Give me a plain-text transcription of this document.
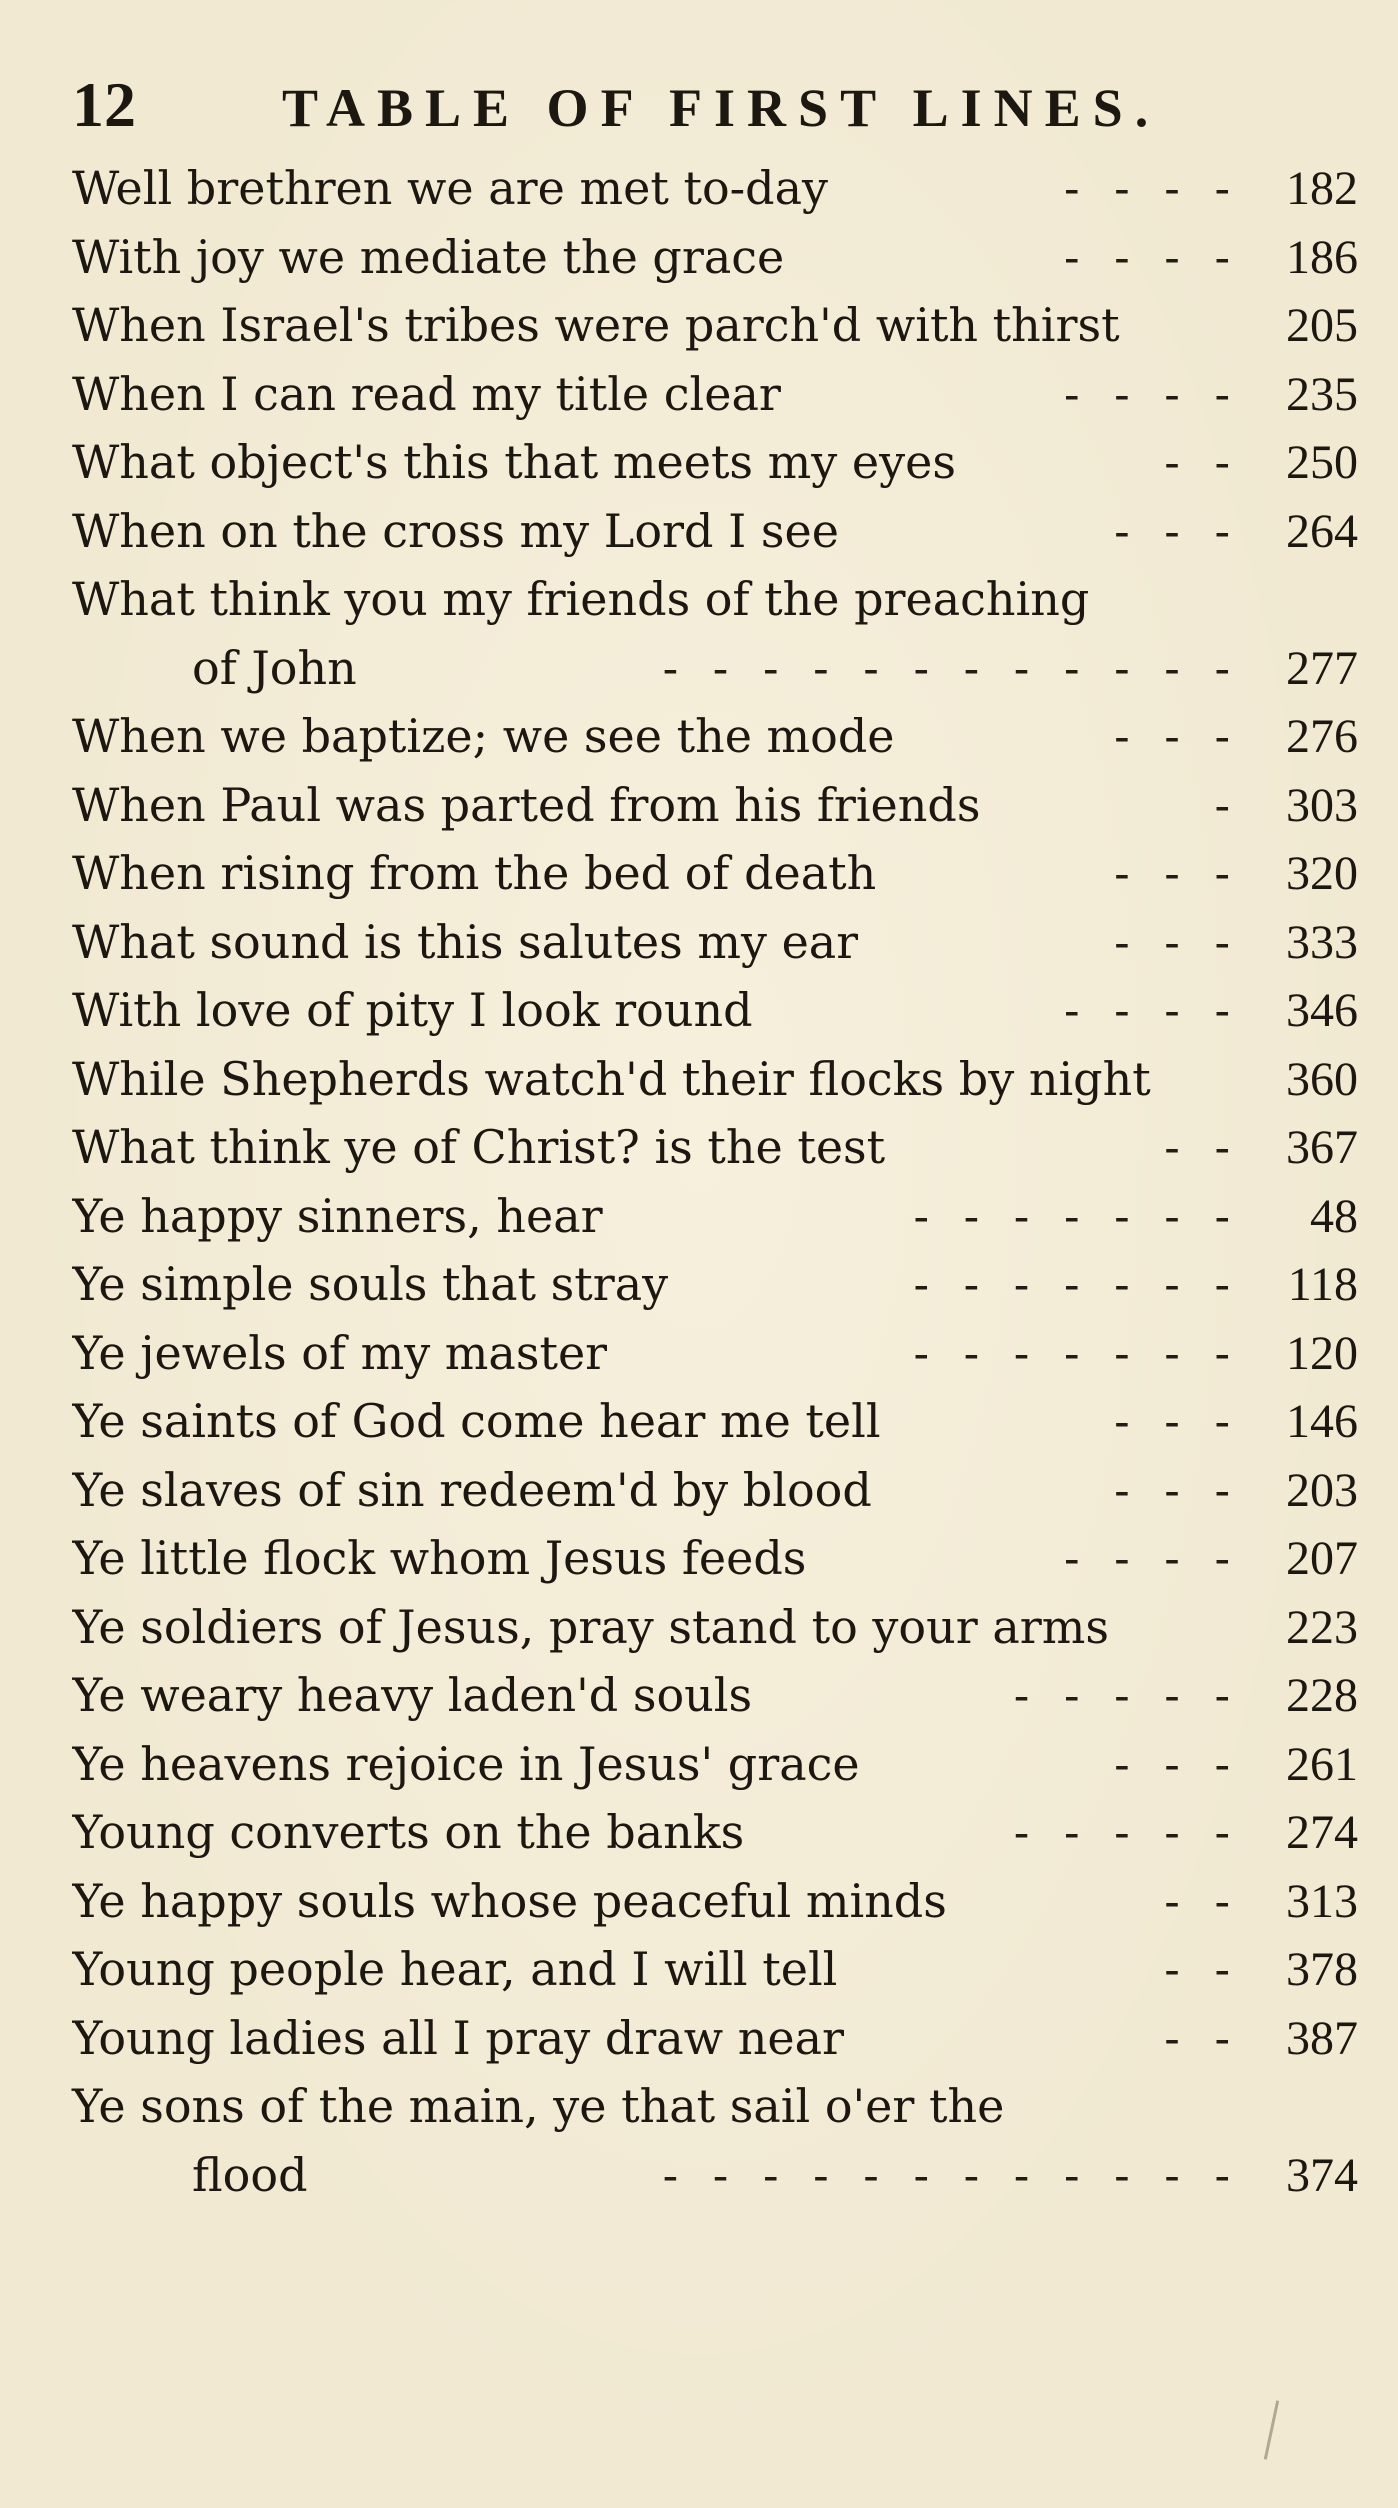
12	TABLE OF FIRST LINES.
Well brethren we are met to-day	- - - - 182
With joy we mediate the grace	- - - - 186
When Israel's tribes were parch'd with thirst	205
When I can read my title clear	- - - - 235
What object's this that meets my eyes	- - 250
When on the cross my Lord I see	- - - 264
What think you my friends of the preaching
of John	- - - - - - - - - - - - 277
When we baptize; we see the mode	- - - 276
When Paul was parted from his friends	- 303
When rising from the bed of death	- - - 320
What sound is this salutes my ear	- - - 333
With love of pity I look round	- - - - 346
While Shepherds watch'd their flocks by night	360
What think ye of Christ? is the test	- - 367
Ye happy sinners, hear	- - - - - - -	48
Ye simple souls that stray	- - - - - - - 118
Ye jewels of my master	- - - - - - - 120
Ye saints of God come hear me tell	- - - 146
Ye slaves of sin redeem'd by blood	- - - 203
Ye little flock whom Jesus feeds	- - - - 207
Ye soldiers of Jesus, pray stand to your arms	223
Ye weary heavy laden'd souls	- - - - - 228
Ye heavens rejoice in Jesus' grace	- - - 261
Young converts on the banks	- - - - - 274
Ye happy souls whose peaceful minds	- - 313
Young people hear, and I will tell	- - 378
Young ladies all I pray draw near	- - 387
Ye sons of the main, ye that sail o'er the
flood	- - - - - - - - - - - - 374
